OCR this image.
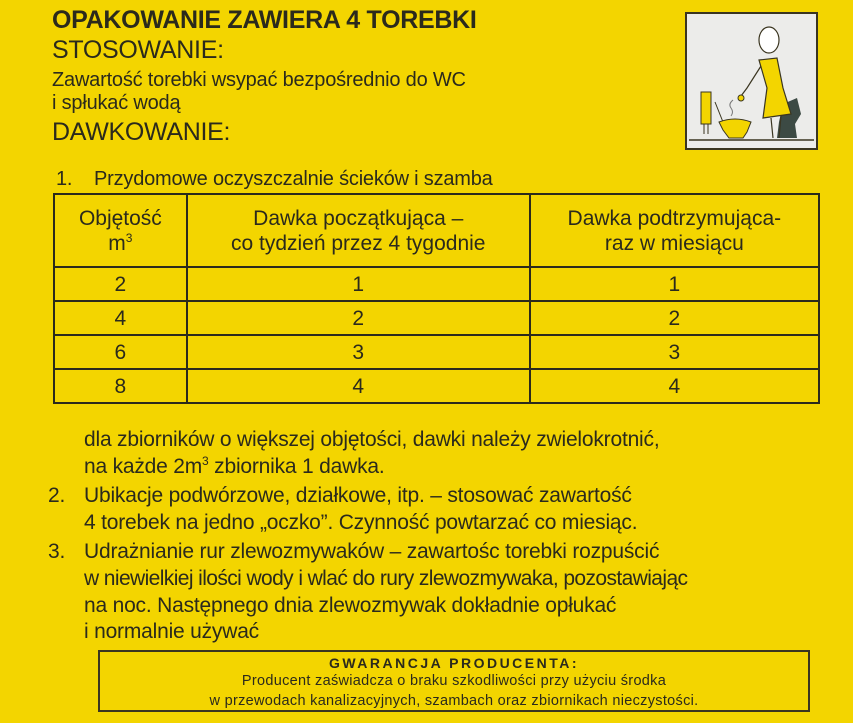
OPAKOWANIE ZAWIERA 4 TOREBKI
STOSOWANIE:
Zawartość torebki wsypać bezpośrednio do WC
i spłukać wodą
DAWKOWANIE:
1. Przydomowe oczyszczalnie ścieków i szamba
Objętość
$m^3$

Dawka początkująca –
co tydzień przez 4 tygodnie

Dawka podtrzymująca-
raz w miesiącu

2	1	1
4	2	2
6	3	3
8	4	4
dla zbiorników o większej objętości, dawki należy zwielokrotnić,
na każde $2m^3$ zbiornika 1 dawka.
2. Ubikacje podwórzowe, działkowe, itp. – stosować zawartość
4 torebek na jedno „oczko”. Czynność powtarzać co miesiąc.
3. Udrażnianie rur zlewozmywaków – zawartośc torebki rozpuścić
w niewielkiej ilości wody i wlać do rury zlewozmywaka, pozostawiając
na noc. Następnego dnia zlewozmywak dokładnie opłukać
i normalnie używać
GWARANCJA PRODUCENTA:
Producent zaświadcza o braku szkodliwości przy użyciu środka
w przewodach kanalizacyjnych, szambach oraz zbiornikach nieczystości.
